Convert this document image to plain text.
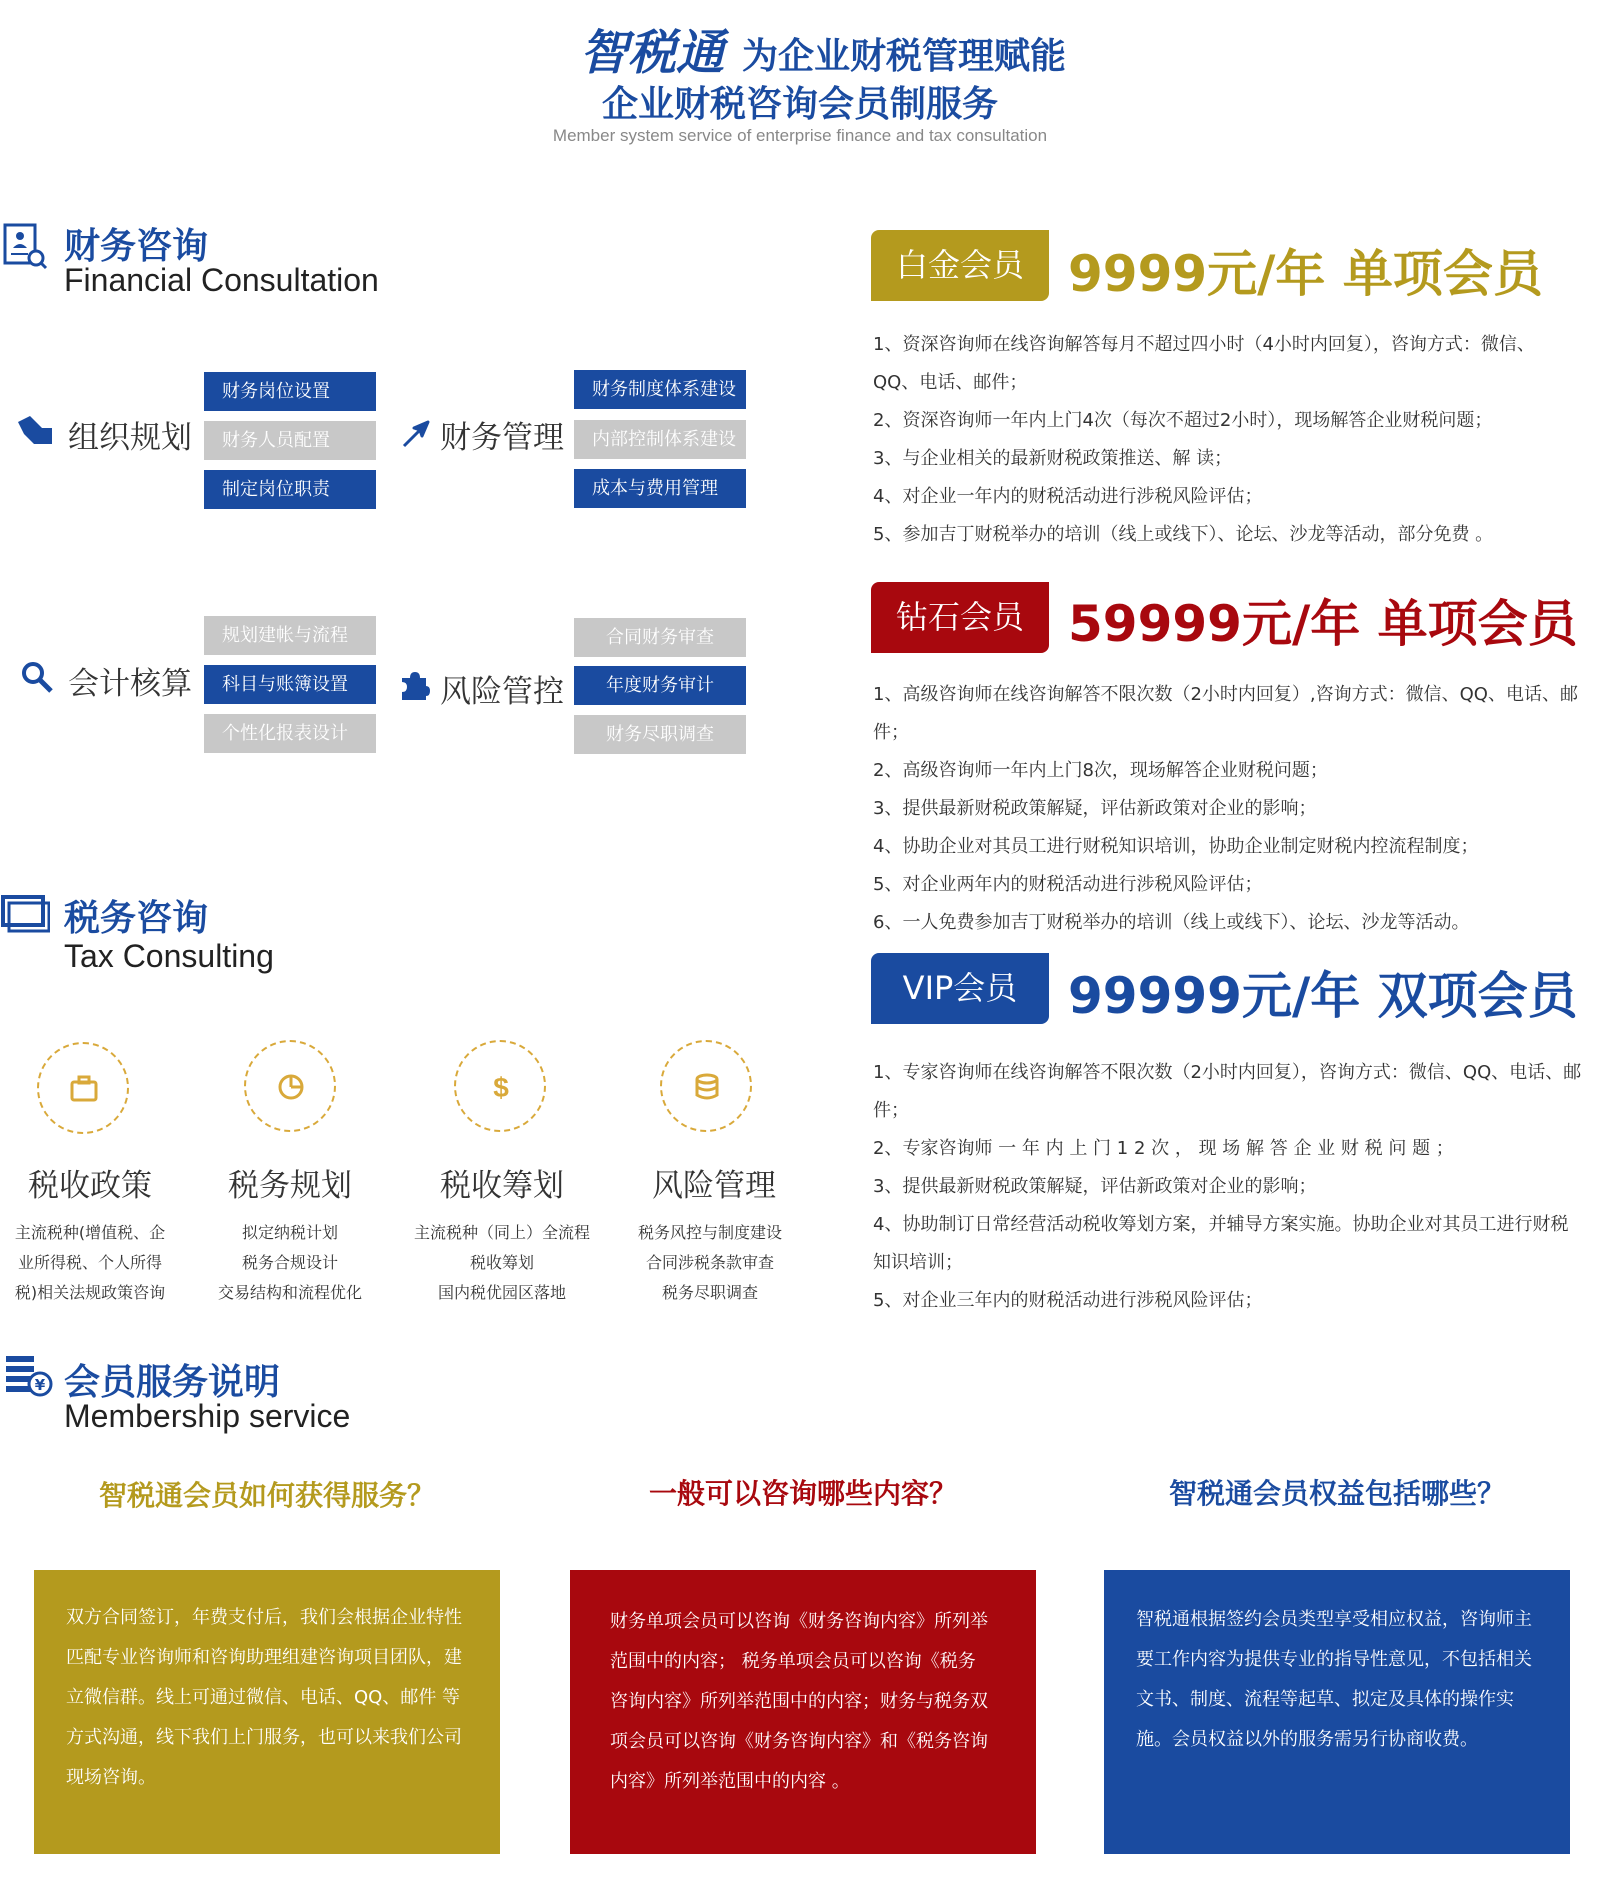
智税通 为企业财税管理赋能
企业财税咨询会员制服务
Member system service of enterprise finance and tax consultation
财务咨询
Financial Consultation
组织规划
财务岗位设置
财务人员配置
制定岗位职责
财务管理
财务制度体系建设
内部控制体系建设
成本与费用管理
会计核算
规划建帐与流程
科目与账簿设置
个性化报表设计
风险管控
合同财务审查
年度财务审计
财务尽职调查
税务咨询
Tax Consulting
$
税收政策	税务规划	税收筹划	风险管理
主流税种(增值税、企
业所得税、个人所得
税)相关法规政策咨询
拟定纳税计划
税务合规设计
交易结构和流程优化
主流税种（同上）全流程
税收筹划
国内税优园区落地
税务风控与制度建设
合同涉税条款审查
税务尽职调查
白金会员 9999元/年 单项会员
1、资深咨询师在线咨询解答每月不超过四小时（4小时内回复），咨询方式：微信、
QQ、电话、邮件；
2、资深咨询师一年内上门4次（每次不超过2小时），现场解答企业财税问题；
3、与企业相关的最新财税政策推送、解 读；
4、对企业一年内的财税活动进行涉税风险评估；
5、参加吉丁财税举办的培训（线上或线下）、论坛、沙龙等活动，部分免费 。
钻石会员 59999元/年 单项会员
1、高级咨询师在线咨询解答不限次数（2小时内回复）,咨询方式：微信、QQ、电话、邮
件；
2、高级咨询师一年内上门8次，现场解答企业财税问题；
3、提供最新财税政策解疑，评估新政策对企业的影响；
4、协助企业对其员工进行财税知识培训，协助企业制定财税内控流程制度；
5、对企业两年内的财税活动进行涉税风险评估；
6、一人免费参加吉丁财税举办的培训（线上或线下）、论坛、沙龙等活动。
VIP会员	99999元/年 双项会员
1、专家咨询师在线咨询解答不限次数（2小时内回复），咨询方式：微信、QQ、电话、邮
件；
2、专家咨询师 一 年 内 上 门 1 2 次 ， 现 场 解 答 企 业 财 税 问 题 ；
3、提供最新财税政策解疑，评估新政策对企业的影响；
4、协助制订日常经营活动税收筹划方案，并辅导方案实施。协助企业对其员工进行财税
知识培训；
5、对企业三年内的财税活动进行涉税风险评估；
¥ 会员服务说明
Membership service
智税通会员如何获得服务？	一般可以咨询哪些内容？	智税通会员权益包括哪些？
双方合同签订，年费支付后，我们会根据企业特性
匹配专业咨询师和咨询助理组建咨询项目团队，建
立微信群。线上可通过微信、电话、QQ、邮件 等
方式沟通，线下我们上门服务，也可以来我们公司
现场咨询。
财务单项会员可以咨询《财务咨询内容》所列举
范围中的内容； 税务单项会员可以咨询《税务
咨询内容》所列举范围中的内容；财务与税务双
项会员可以咨询《财务咨询内容》和《税务咨询
内容》所列举范围中的内容 。
智税通根据签约会员类型享受相应权益，咨询师主
要工作内容为提供专业的指导性意见，不包括相关
文书、制度、流程等起草、拟定及具体的操作实
施。会员权益以外的服务需另行协商收费。
